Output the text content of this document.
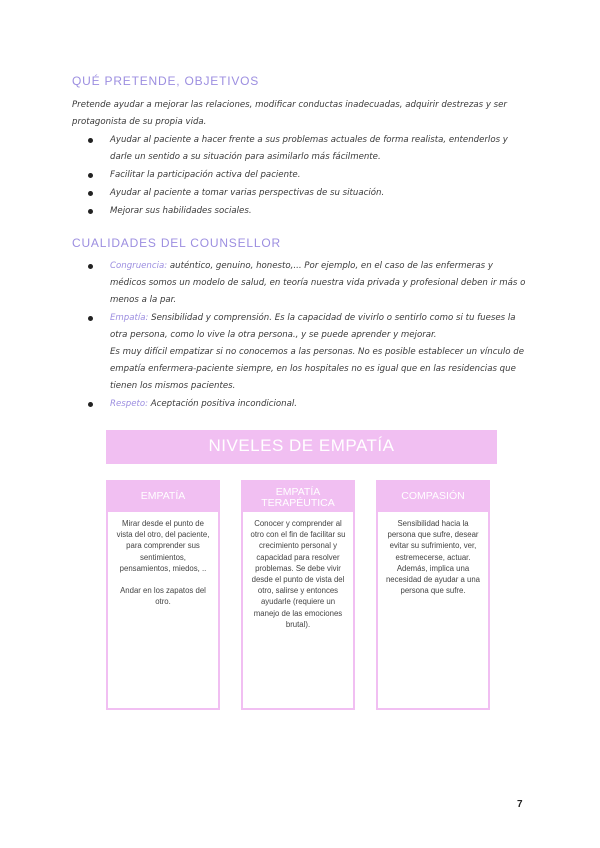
QUÉ PRETENDE, OBJETIVOS
Pretende ayudar a mejorar las relaciones, modificar conductas inadecuadas, adquirir destrezas y ser protagonista de su propia vida.
Ayudar al paciente a hacer frente a sus problemas actuales de forma realista, entenderlos y darle un sentido a su situación para asimilarlo más fácilmente.
Facilitar la participación activa del paciente.
Ayudar al paciente a tomar varias perspectivas de su situación.
Mejorar sus habilidades sociales.
CUALIDADES DEL COUNSELLOR
Congruencia: auténtico, genuino, honesto,... Por ejemplo, en el caso de las enfermeras y médicos somos un modelo de salud, en teoría nuestra vida privada y profesional deben ir más o menos a la par.
Empatía: Sensibilidad y comprensión. Es la capacidad de vivirlo o sentirlo como si tu fueses la otra persona, como lo vive la otra persona., y se puede aprender y mejorar.
Es muy difícil empatizar si no conocemos a las personas. No es posible establecer un vínculo de empatía enfermera-paciente siempre, en los hospitales no es igual que en las residencias que tienen los mismos pacientes.
Respeto: Aceptación positiva incondicional.
NIVELES DE EMPATÍA
EMPATÍA

Mirar desde el punto de vista del otro, del paciente, para comprender sus sentimientos, pensamientos, miedos, ..

Andar en los zapatos del otro.

EMPATÍA TERAPÉUTICA

Conocer y comprender al otro con el fin de facilitar su crecimiento personal y capacidad para resolver problemas. Se debe vivir desde el punto de vista del otro, salirse y entonces ayudarle (requiere un manejo de las emociones brutal).

COMPASIÓN

Sensibilidad hacia la persona que sufre, desear evitar su sufrimiento, ver, estremecerse, actuar. Además, implica una necesidad de ayudar a una persona que sufre.

7
